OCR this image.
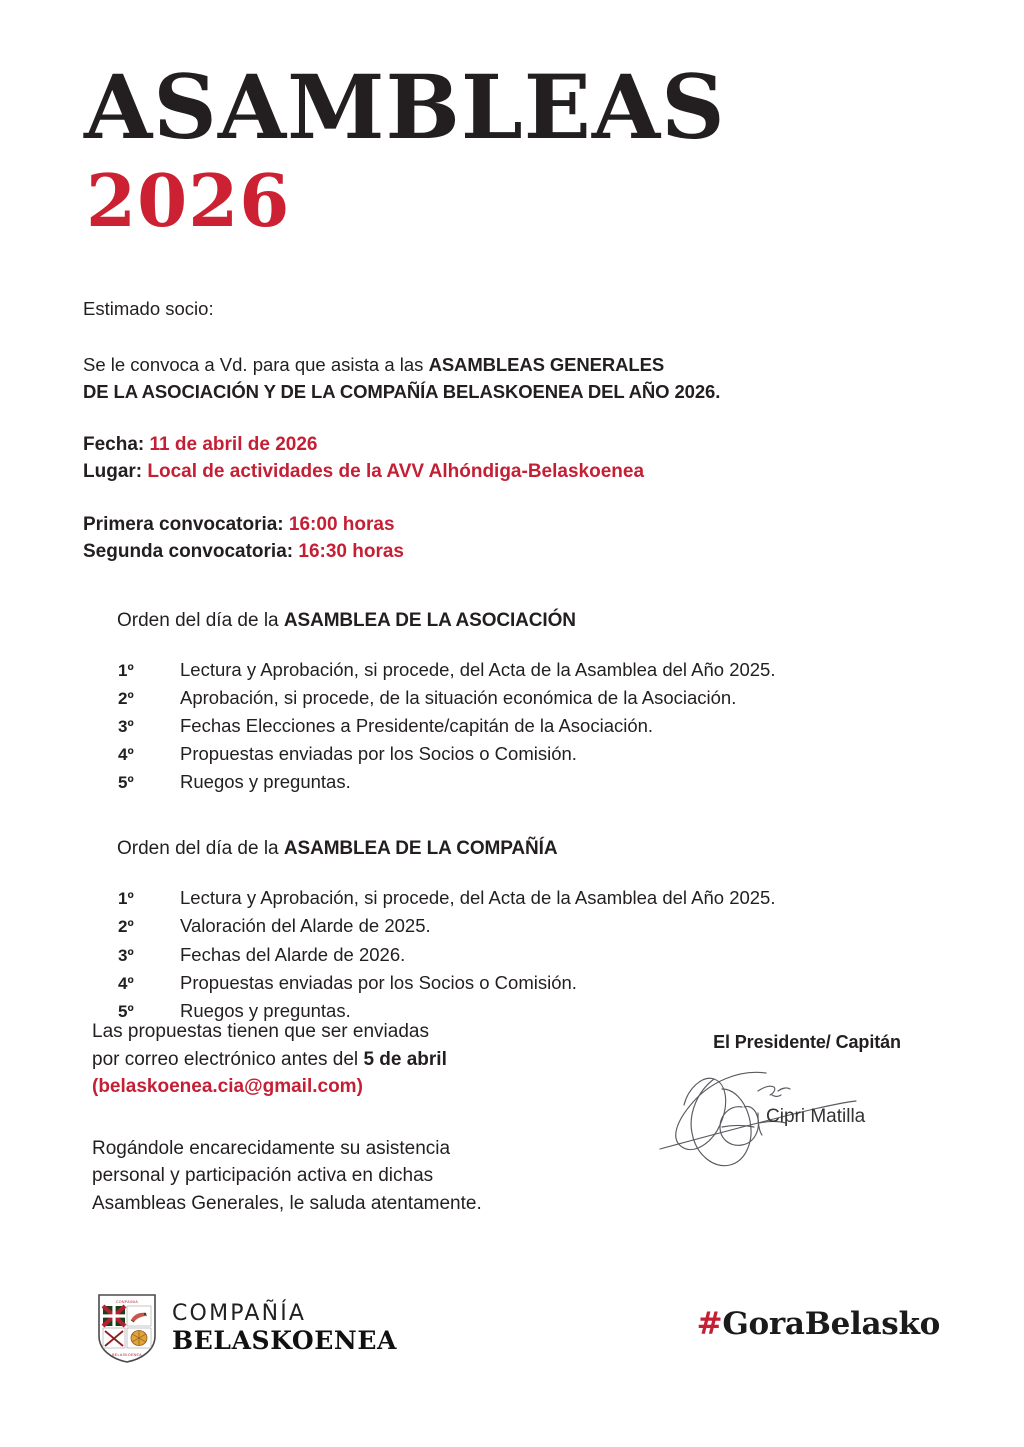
ASAMBLEAS
2026

Estimado socio:

Se le convoca a Vd. para que asista a las ASAMBLEAS GENERALES
DE LA ASOCIACIÓN Y DE LA COMPAÑÍA BELASKOENEA DEL AÑO 2026.
Fecha: 11 de abril de 2026
Lugar: Local de actividades de la AVV Alhóndiga-Belaskoenea
Primera convocatoria: 16:00 horas
Segunda convocatoria: 16:30 horas

Orden del día de la ASAMBLEA DE LA ASOCIACIÓN

1º	Lectura y Aprobación, si procede, del Acta de la Asamblea del Año 2025.
2º	Aprobación, si procede, de la situación económica de la Asociación.
3º	Fechas Elecciones a Presidente/capitán de la Asociación.
4º	Propuestas enviadas por los Socios o Comisión.
5º	Ruegos y preguntas.

Orden del día de la ASAMBLEA DE LA COMPAÑÍA

1º	Lectura y Aprobación, si procede, del Acta de la Asamblea del Año 2025.
2º	Valoración del Alarde de 2025.
3º	Fechas del Alarde de 2026.
4º	Propuestas enviadas por los Socios o Comisión.
5º	Ruegos y preguntas.

Las propuestas tienen que ser enviadas

por correo electrónico antes del 5 de abril

(belaskoenea.cia@gmail.com)

Rogándole encarecidamente su asistencia

personal y participación activa en dichas

Asambleas Generales, le saluda atentamente.

El Presidente/ Capitán

Cipri Matilla
CONPAINIA
BELASKOENEA
COMPAÑÍA
BELASKOENEA	#GoraBelasko
